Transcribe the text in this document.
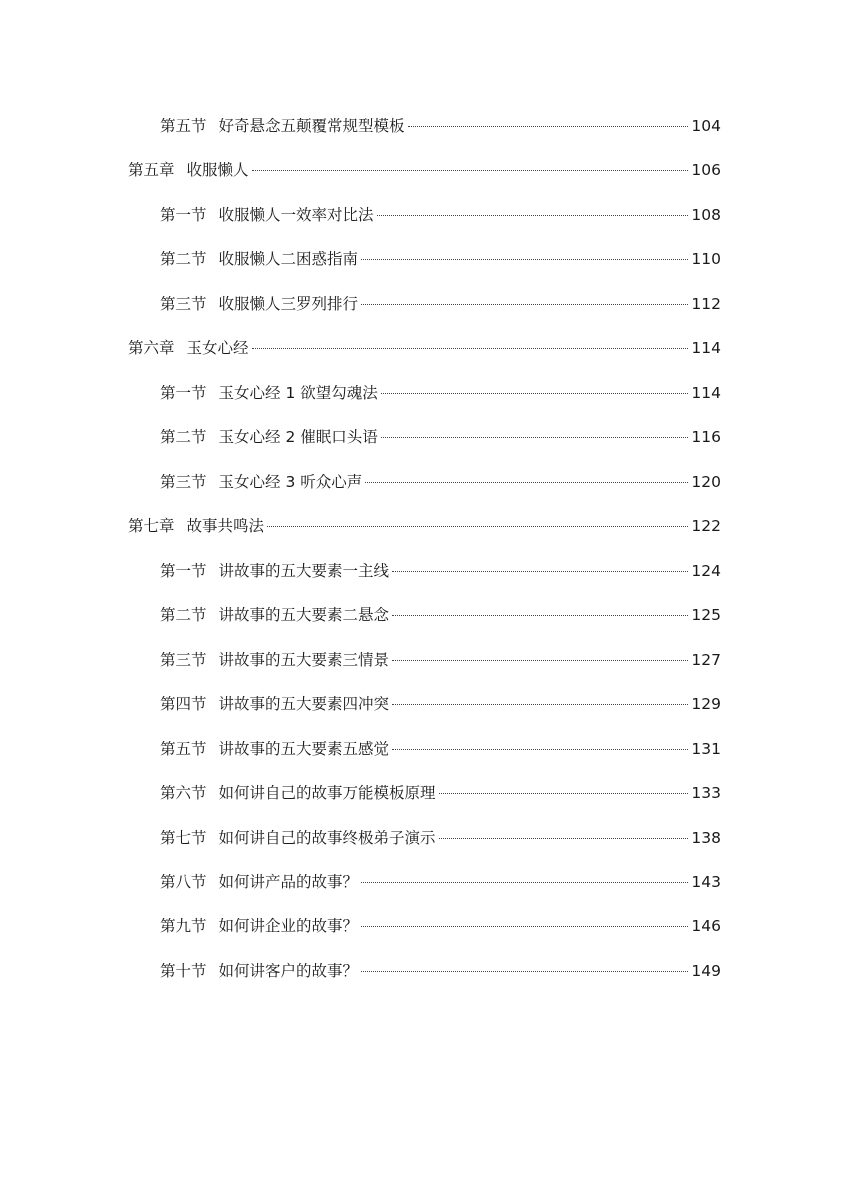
第五节 好奇悬念五颠覆常规型模板	104
第五章 收服懒人	106
第一节 收服懒人一效率对比法	108
第二节 收服懒人二困惑指南	110
第三节 收服懒人三罗列排行	112
第六章 玉女心经	114
第一节 玉女心经 1 欲望勾魂法	114
第二节 玉女心经 2 催眠口头语	116
第三节 玉女心经 3 听众心声	120
第七章 故事共鸣法	122
第一节 讲故事的五大要素一主线	124
第二节 讲故事的五大要素二悬念	125
第三节 讲故事的五大要素三情景	127
第四节 讲故事的五大要素四冲突	129
第五节 讲故事的五大要素五感觉	131
第六节 如何讲自己的故事万能模板原理	133
第七节 如何讲自己的故事终极弟子演示	138
第八节 如何讲产品的故事？	143
第九节 如何讲企业的故事？	146
第十节 如何讲客户的故事？	149
